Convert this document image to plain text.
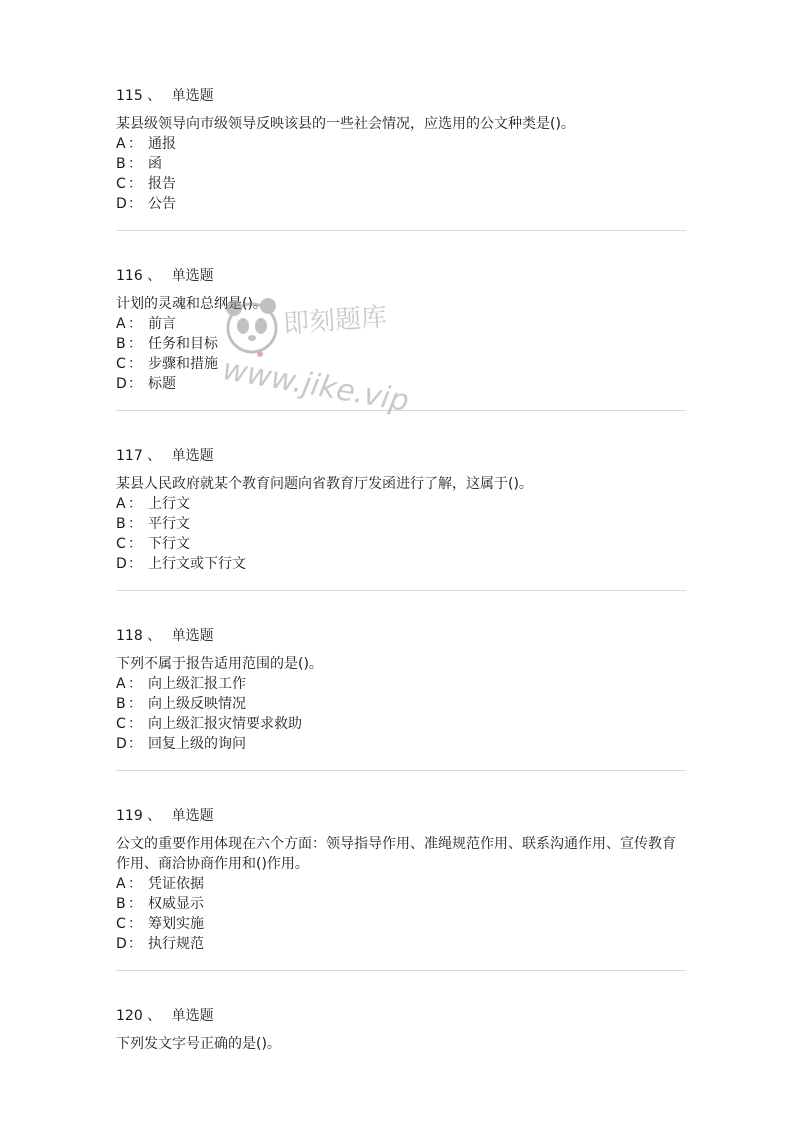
115 、 单选题
某县级领导向市级领导反映该县的一些社会情况，应选用的公文种类是()。
A ： 通报
B ： 函
C ： 报告
D： 公告
116 、 单选题
计划的灵魂和总纲是()。
A ： 前言
B ： 任务和目标
C ： 步骤和措施
D： 标题
117 、 单选题
某县人民政府就某个教育问题向省教育厅发函进行了解，这属于()。
A ： 上行文
B ： 平行文
C ： 下行文
D： 上行文或下行文
118 、 单选题
下列不属于报告适用范围的是()。
A ： 向上级汇报工作
B ： 向上级反映情况
C ： 向上级汇报灾情要求救助
D： 回复上级的询问
119 、 单选题
公文的重要作用体现在六个方面：领导指导作用、准绳规范作用、联系沟通作用、宣传教育作用、商洽协商作用和()作用。
A ： 凭证依据
B ： 权威显示
C ： 筹划实施
D： 执行规范
120 、 单选题
下列发文字号正确的是()。
即刻题库
www.jike.vip
